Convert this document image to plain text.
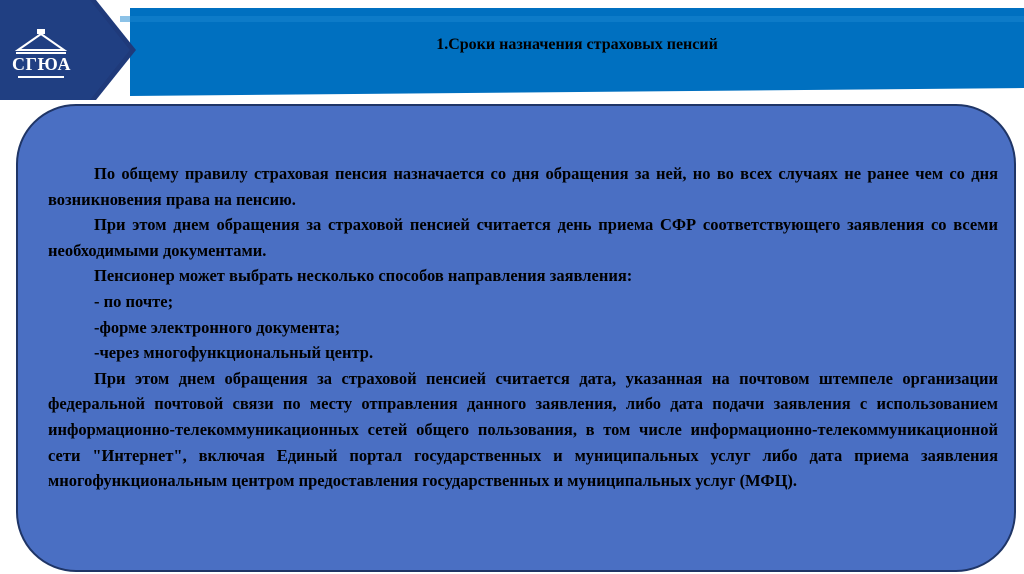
СГЮА
1.Сроки назначения страховых пенсий

По общему правилу страховая пенсия назначается со дня обращения за ней, но во всех случаях не ранее чем со дня возникновения права на пенсию.

При этом днем обращения за страховой пенсией считается день приема СФР соответствующего заявления со всеми необходимыми документами.

Пенсионер может выбрать несколько способов направления заявления:

- по почте;

-форме электронного документа;

-через многофункциональный центр.

При этом днем обращения за страховой пенсией считается дата, указанная на почтовом штемпеле организации федеральной почтовой связи по месту отправления данного заявления, либо дата подачи заявления с использованием информационно-телекоммуникационных сетей общего пользования, в том числе информационно-телекоммуникационной сети "Интернет", включая Единый портал государственных и муниципальных услуг либо дата приема заявления многофункциональным центром предоставления государственных и муниципальных услуг (МФЦ).
